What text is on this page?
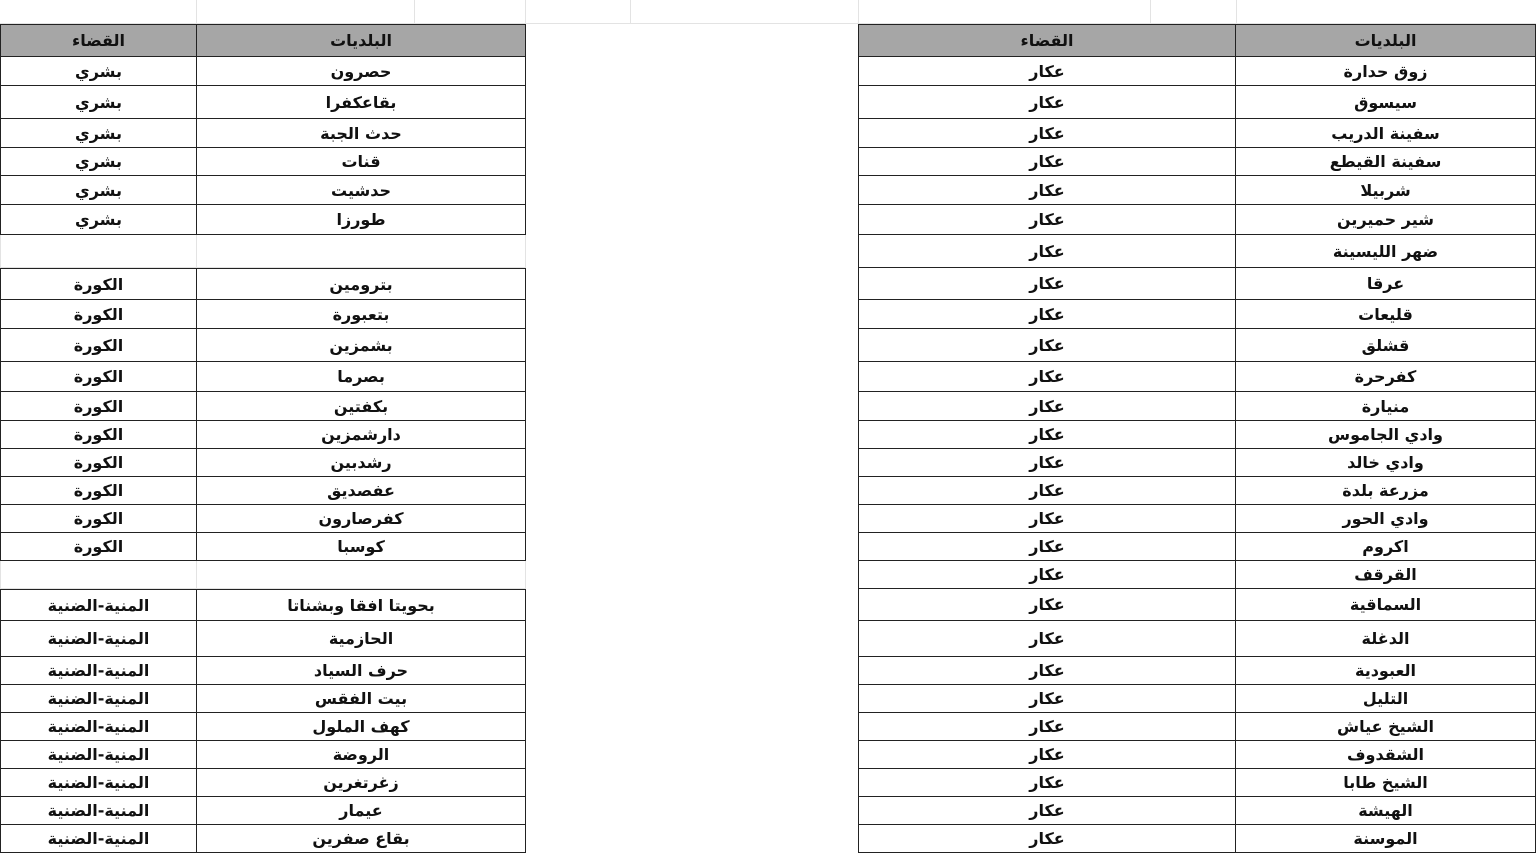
القضاء	البلديات
بشري	حصرون
بشري	بقاعكفرا
بشري	حدث الجبة
بشري	قنات
بشري	حدشيت
بشري	طورزا
الكورة	بترومين
الكورة	بتعبورة
الكورة	بشمزين
الكورة	بصرما
الكورة	بكفتين
الكورة	دارشمزين
الكورة	رشدبين
الكورة	عفصديق
الكورة	كفرصارون
الكورة	كوسبا
المنية-الضنية	بحويتا افقا وبشناتا
المنية-الضنية	الحازمية
المنية-الضنية	حرف السياد
المنية-الضنية	بيت الفقس
المنية-الضنية	كهف الملول
المنية-الضنية	الروضة
المنية-الضنية	زغرتغرين
المنية-الضنية	عيمار
المنية-الضنية	بقاع صفرين
القضاء	البلديات
عكار	زوق حدارة
عكار	سيسوق
عكار	سفينة الدريب
عكار	سفينة القيطع
عكار	شربيلا
عكار	شير حميرين
عكار	ضهر الليسينة
عكار	عرقا
عكار	قليعات
عكار	قشلق
عكار	كفرحرة
عكار	منيارة
عكار	وادي الجاموس
عكار	وادي خالد
عكار	مزرعة بلدة
عكار	وادي الحور
عكار	اكروم
عكار	القرقف
عكار	السماقية
عكار	الدغلة
عكار	العبودية
عكار	التليل
عكار	الشيخ عياش
عكار	الشقدوف
عكار	الشيخ طابا
عكار	الهيشة
عكار	الموسنة
